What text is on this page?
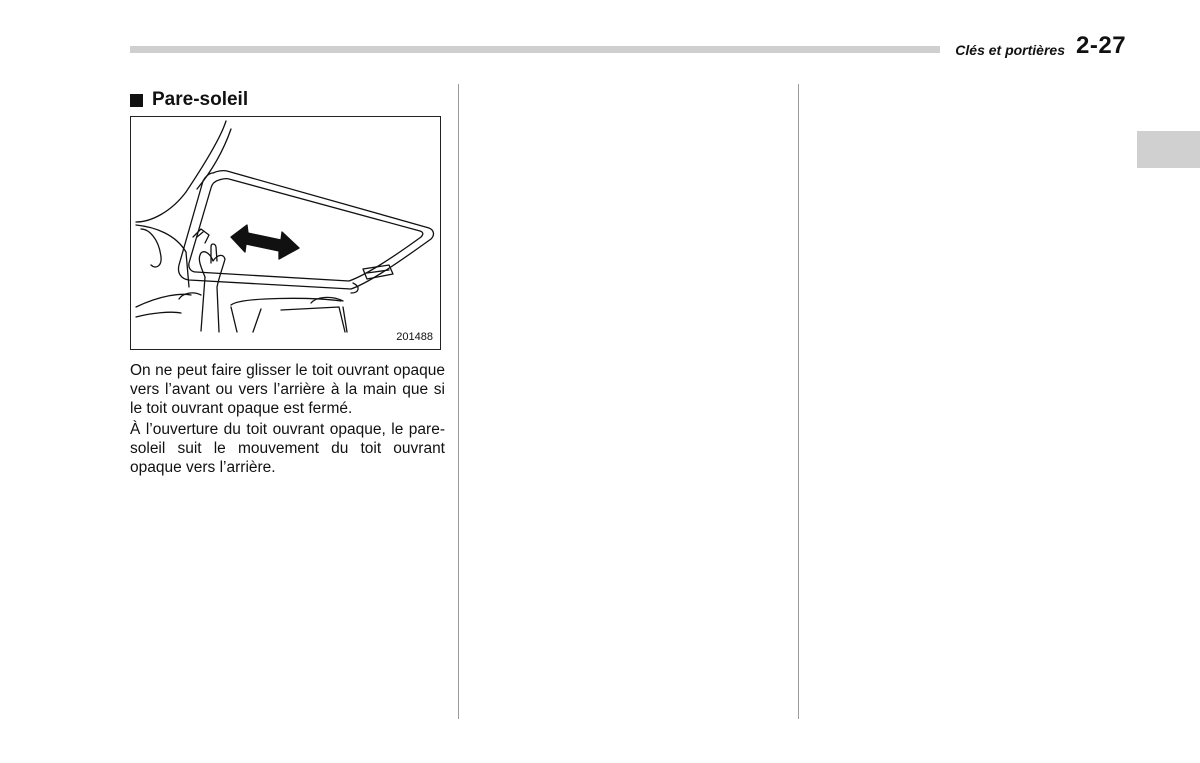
Clés et portières 2-27
Pare-soleil
201488

On ne peut faire glisser le toit ouvrant opaque vers l’avant ou vers l’arrière à la main que si le toit ouvrant opaque est fermé.

À l’ouverture du toit ouvrant opaque, le pare-soleil suit le mouvement du toit ouvrant opaque vers l’arrière.
